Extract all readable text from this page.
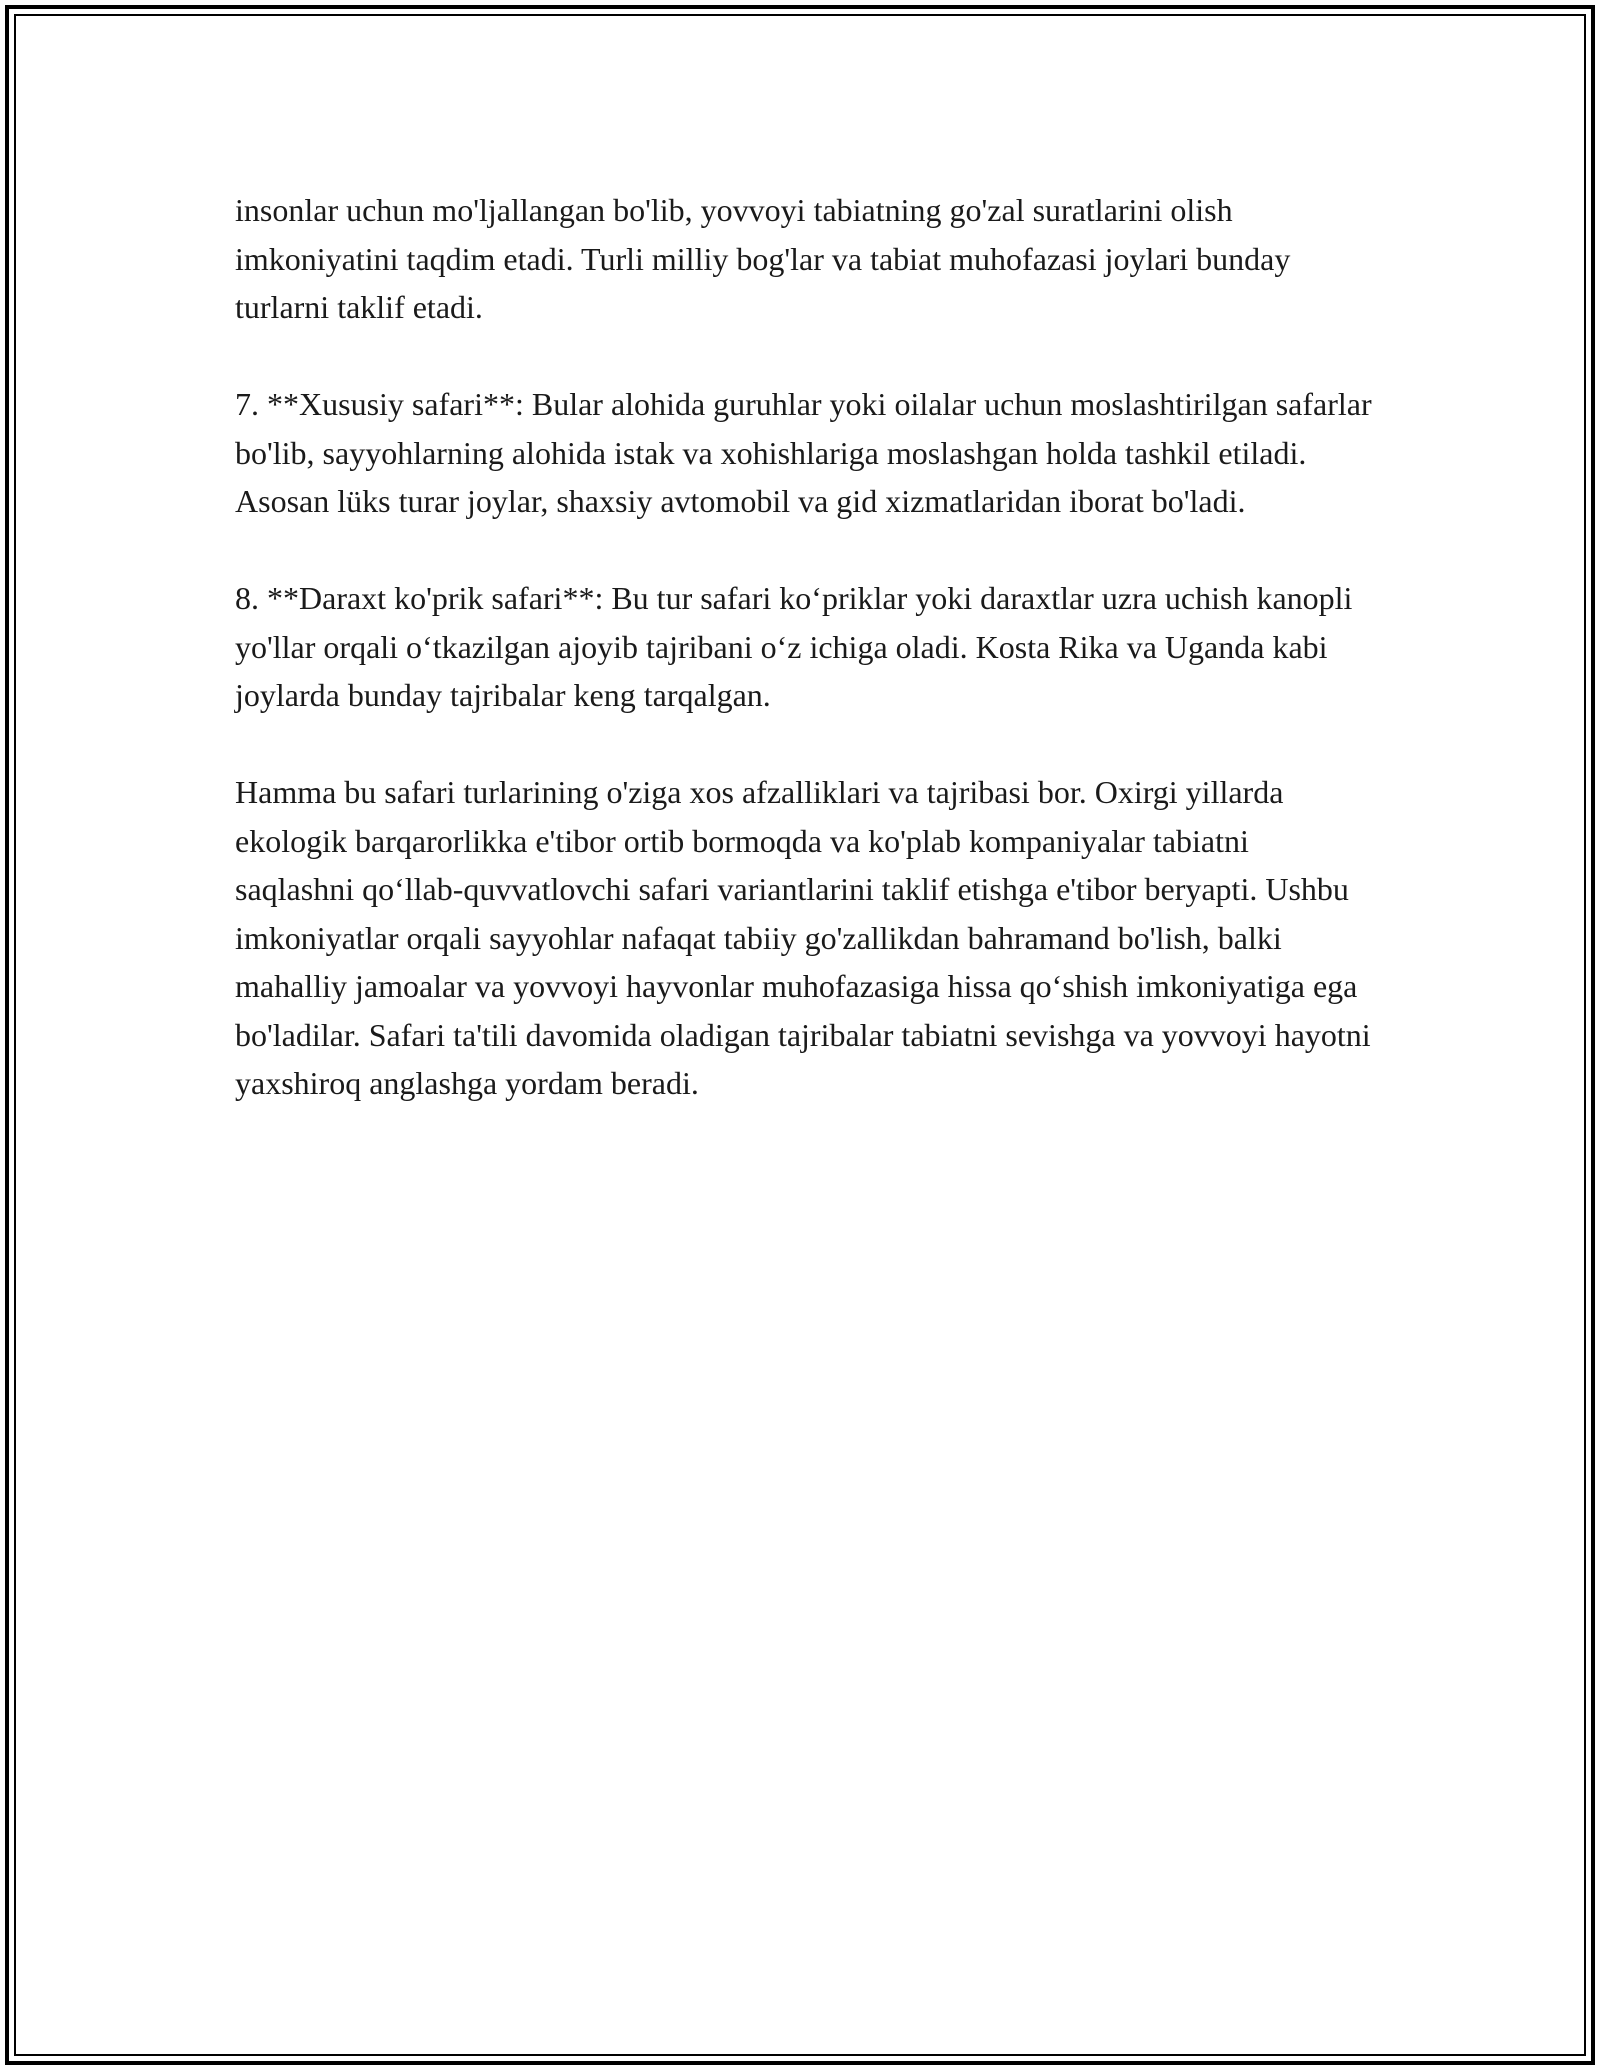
insonlar uchun mo'ljallangan bo'lib, yovvoyi tabiatning go'zal suratlarini olish imkoniyatini taqdim etadi. Turli milliy bog'lar va tabiat muhofazasi joylari bunday turlarni taklif etadi.

7. **Xususiy safari**: Bular alohida guruhlar yoki oilalar uchun moslashtirilgan safarlar bo'lib, sayyohlarning alohida istak va xohishlariga moslashgan holda tashkil etiladi. Asosan lüks turar joylar, shaxsiy avtomobil va gid xizmatlaridan iborat bo'ladi.

8. **Daraxt ko'prik safari**: Bu tur safari ko‘priklar yoki daraxtlar uzra uchish kanopli yo'llar orqali o‘tkazilgan ajoyib tajribani o‘z ichiga oladi. Kosta Rika va Uganda kabi joylarda bunday tajribalar keng tarqalgan.

Hamma bu safari turlarining o'ziga xos afzalliklari va tajribasi bor. Oxirgi yillarda ekologik barqarorlikka e'tibor ortib bormoqda va ko'plab kompaniyalar tabiatni saqlashni qo‘llab-quvvatlovchi safari variantlarini taklif etishga e'tibor beryapti. Ushbu imkoniyatlar orqali sayyohlar nafaqat tabiiy go'zallikdan bahramand bo'lish, balki mahalliy jamoalar va yovvoyi hayvonlar muhofazasiga hissa qo‘shish imkoniyatiga ega bo'ladilar. Safari ta'tili davomida oladigan tajribalar tabiatni sevishga va yovvoyi hayotni yaxshiroq anglashga yordam beradi.
